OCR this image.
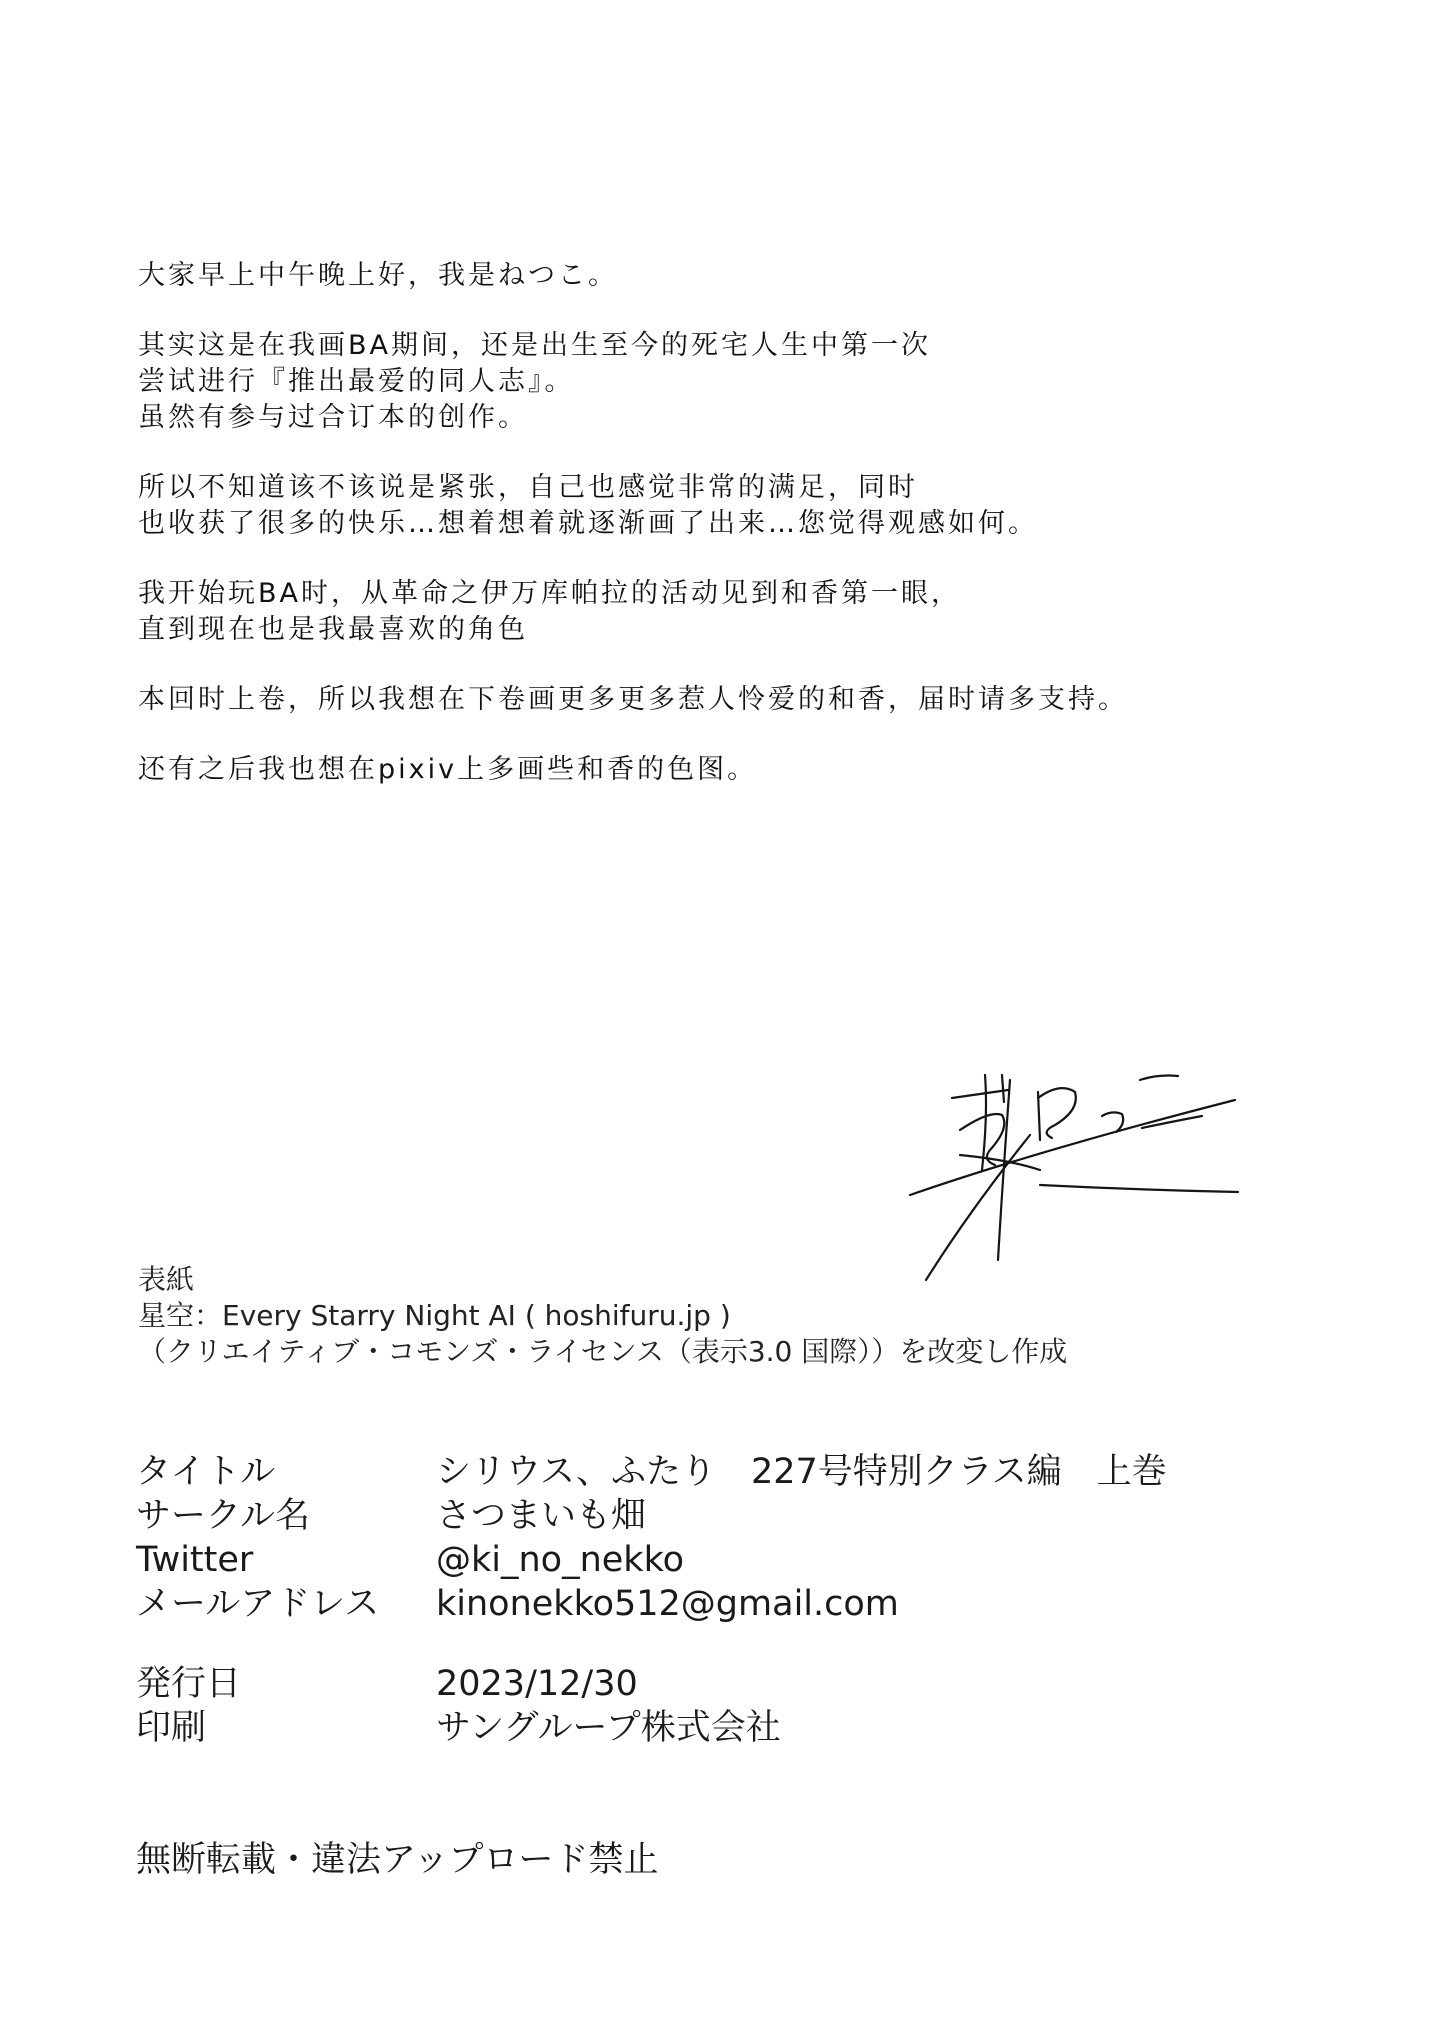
大家早上中午晚上好，我是ねつこ。

其实这是在我画BA期间，还是出生至今的死宅人生中第一次
尝试进行『推出最爱的同人志』。
虽然有参与过合订本的创作。

所以不知道该不该说是紧张，自己也感觉非常的满足，同时
也收获了很多的快乐…想着想着就逐渐画了出来…您觉得观感如何。

我开始玩BA时，从革命之伊万库帕拉的活动见到和香第一眼，
直到现在也是我最喜欢的角色

本回时上卷，所以我想在下卷画更多更多惹人怜爱的和香，届时请多支持。

还有之后我也想在pixiv上多画些和香的色图。

表紙
星空：Every Starry Night AI ( hoshifuru.jp )
（クリエイティブ・コモンズ・ライセンス（表示3.0 国際））を改変し作成
タイトル	シリウス、ふたり　227号特別クラス編　上巻
サークル名	さつまいも畑
Twitter	@ki_no_nekko
メールアドレス	kinonekko512@gmail.com
発行日	2023/12/30
印刷	サングループ株式会社
無断転載・違法アップロード禁止
